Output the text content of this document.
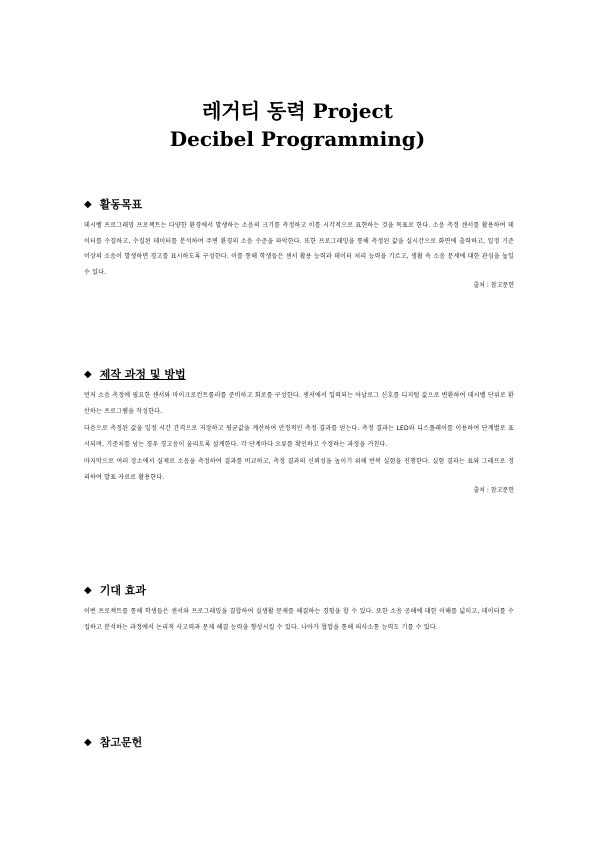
레거티 동력 Project
Decibel Programming)
◆ 활동목표
데시벨 프로그래밍 프로젝트는 다양한 환경에서 발생하는 소음의 크기를 측정하고 이를 시각적으로 표현하는 것을 목표로 한다. 소음 측정 센서를 활용하여 데이터를 수집하고, 수집된 데이터를 분석하여 주변 환경의 소음 수준을 파악한다. 또한 프로그래밍을 통해 측정된 값을 실시간으로 화면에 출력하고, 일정 기준 이상의 소음이 발생하면 경고를 표시하도록 구성한다. 이를 통해 학생들은 센서 활용 능력과 데이터 처리 능력을 기르고, 생활 속 소음 문제에 대한 관심을 높일 수 있다.
출처 : 참고문헌
◆ 제작 과정 및 방법
먼저 소음 측정에 필요한 센서와 마이크로컨트롤러를 준비하고 회로를 구성한다. 센서에서 입력되는 아날로그 신호를 디지털 값으로 변환하여 데시벨 단위로 환산하는 프로그램을 작성한다.
다음으로 측정된 값을 일정 시간 간격으로 저장하고 평균값을 계산하여 안정적인 측정 결과를 얻는다. 측정 결과는 LED와 디스플레이를 이용하여 단계별로 표시되며, 기준치를 넘는 경우 경고음이 울리도록 설계한다. 각 단계마다 오류를 확인하고 수정하는 과정을 거친다.
마지막으로 여러 장소에서 실제로 소음을 측정하여 결과를 비교하고, 측정 결과의 신뢰성을 높이기 위해 반복 실험을 진행한다. 실험 결과는 표와 그래프로 정리하여 발표 자료로 활용한다.
출처 : 참고문헌
◆ 기대 효과
이번 프로젝트를 통해 학생들은 센서와 프로그래밍을 결합하여 실생활 문제를 해결하는 경험을 할 수 있다. 또한 소음 공해에 대한 이해를 넓히고, 데이터를 수집하고 분석하는 과정에서 논리적 사고력과 문제 해결 능력을 향상시킬 수 있다. 나아가 협업을 통해 의사소통 능력도 기를 수 있다.
◆ 참고문헌
